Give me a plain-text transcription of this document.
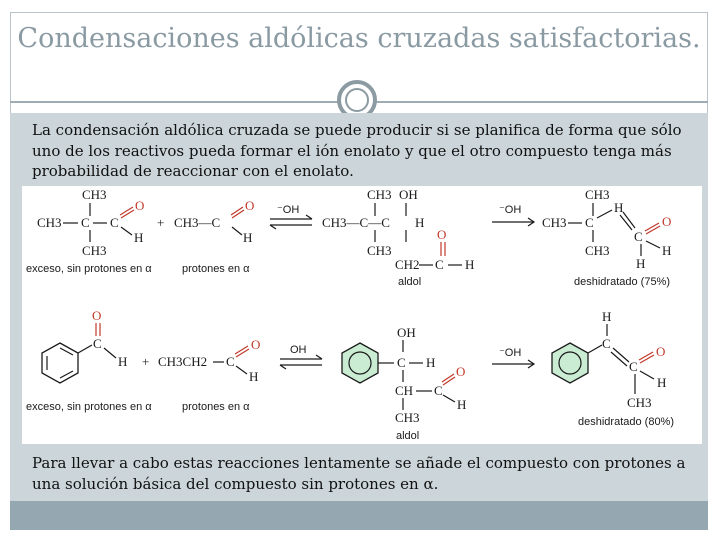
Condensaciones aldólicas cruzadas satisfactorias.

La condensación aldólica cruzada se puede producir si se planifica de forma que sólo uno de los reactivos pueda formar el ión enolato y que el otro compuesto tenga más probabilidad de reaccionar con el enolato.

CH3
CH3 C C
O
H
CH3
exceso, sin protones en α
+ CH3—C
O
H
protones en α
⁻OH
CH3 OH
CH3—C—C H
CH3
CH2 C
O
H
aldol
⁻OH
CH3
CH3 C
H
CH3
C
O
H
H
deshidratado (75%)
C
O
H
exceso, sin protones en α
+ CH3CH2 C
O
H
protones en α
OH
C
OH
H
CH C
O
H
CH3
aldol
⁻OH
C
H
C
O
H
CH3
deshidratado (80%)

Para llevar a cabo estas reacciones lentamente se añade el compuesto con protones a una solución básica del compuesto sin protones en α.
